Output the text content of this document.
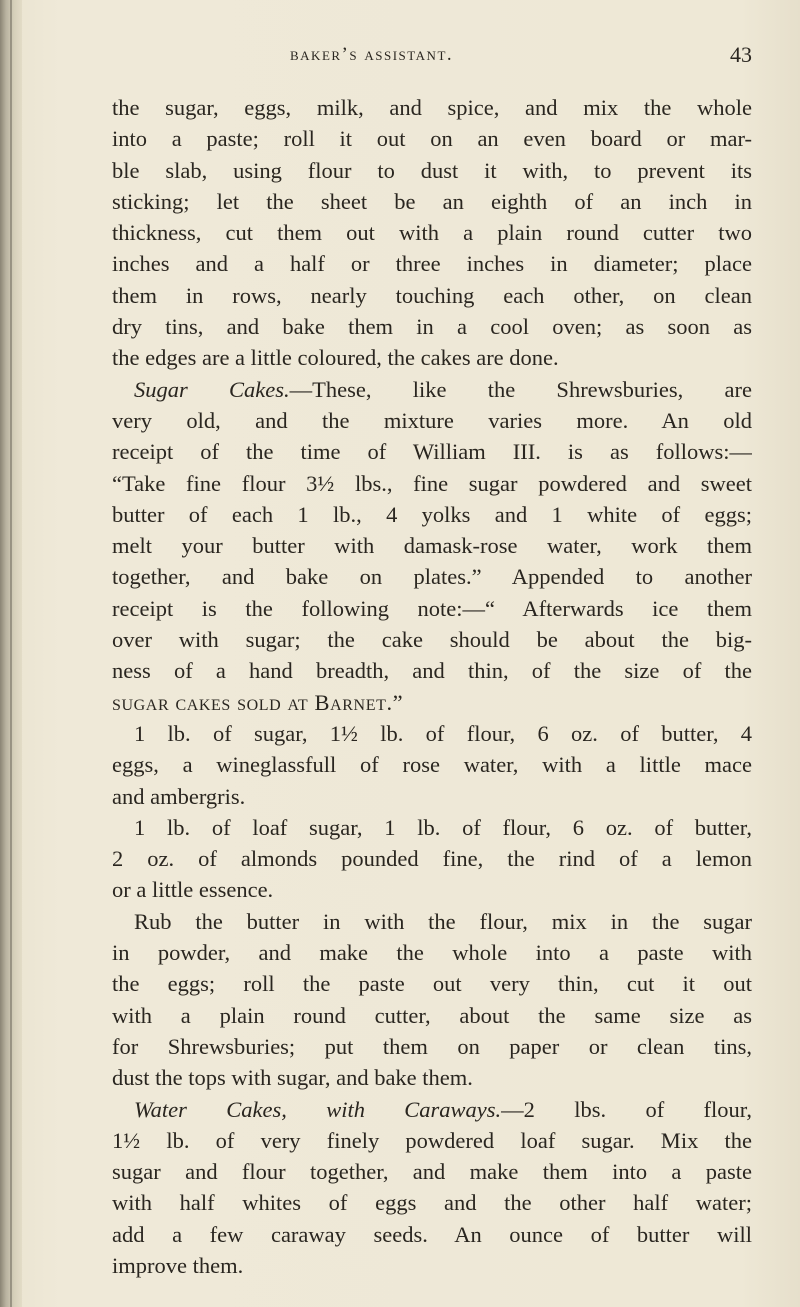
baker’s assistant.	43
the sugar, eggs, milk, and spice, and mix the whole
into a paste; roll it out on an even board or mar-
ble slab, using flour to dust it with, to prevent its
sticking; let the sheet be an eighth of an inch in
thickness, cut them out with a plain round cutter two
inches and a half or three inches in diameter; place
them in rows, nearly touching each other, on clean
dry tins, and bake them in a cool oven; as soon as
the edges are a little coloured, the cakes are done.
Sugar Cakes.—These, like the Shrewsburies, are
very old, and the mixture varies more. An old
receipt of the time of William III. is as follows:—
“Take fine flour 3½ lbs., fine sugar powdered and sweet
butter of each 1 lb., 4 yolks and 1 white of eggs;
melt your butter with damask-rose water, work them
together, and bake on plates.” Appended to another
receipt is the following note:—“ Afterwards ice them
over with sugar; the cake should be about the big-
ness of a hand breadth, and thin, of the size of the
sugar cakes sold at Barnet.”
1 lb. of sugar, 1½ lb. of flour, 6 oz. of butter, 4
eggs, a wineglassfull of rose water, with a little mace
and ambergris.
1 lb. of loaf sugar, 1 lb. of flour, 6 oz. of butter,
2 oz. of almonds pounded fine, the rind of a lemon
or a little essence.
Rub the butter in with the flour, mix in the sugar
in powder, and make the whole into a paste with
the eggs; roll the paste out very thin, cut it out
with a plain round cutter, about the same size as
for Shrewsburies; put them on paper or clean tins,
dust the tops with sugar, and bake them.
Water Cakes, with Caraways.—2 lbs. of flour,
1½ lb. of very finely powdered loaf sugar. Mix the
sugar and flour together, and make them into a paste
with half whites of eggs and the other half water;
add a few caraway seeds. An ounce of butter will
improve them.
